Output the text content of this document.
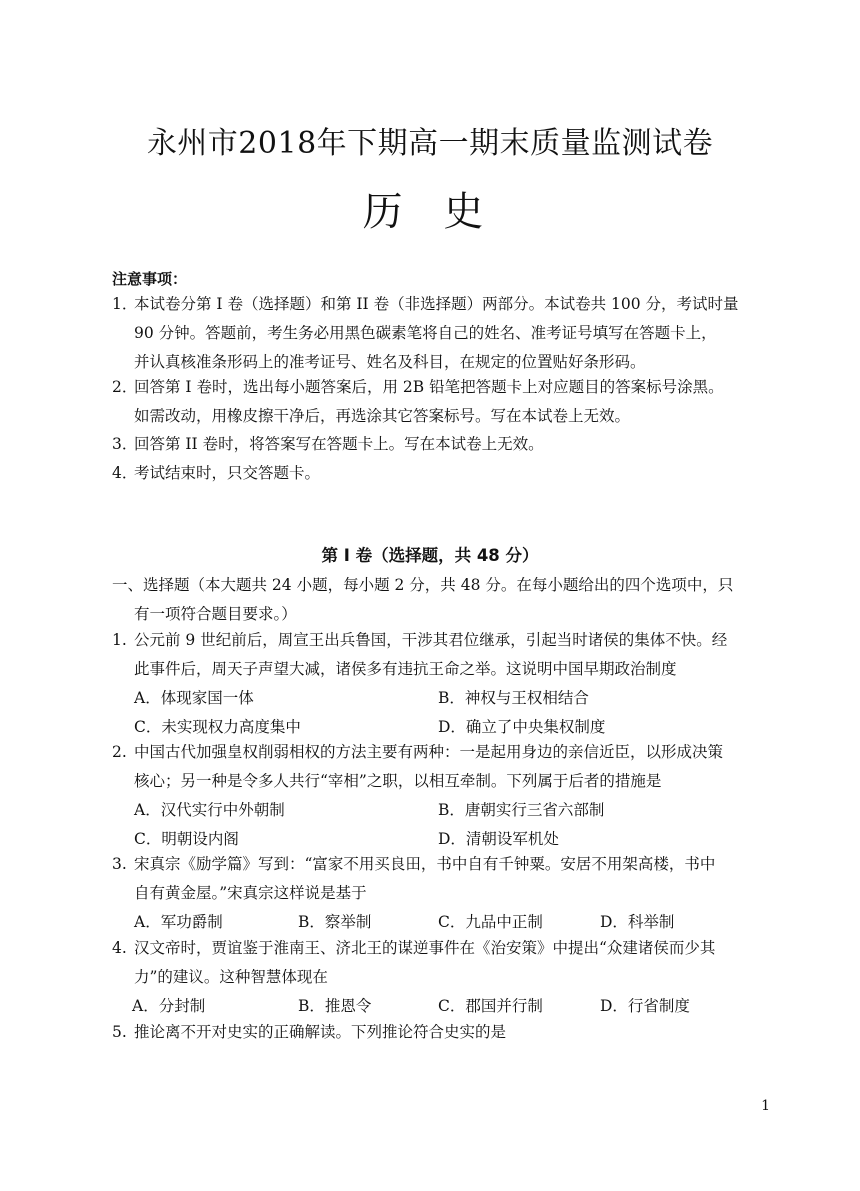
永州市2018年下期高一期末质量监测试卷
历 史
注意事项：
1．本试卷分第 I 卷（选择题）和第 II 卷（非选择题）两部分。本试卷共 100 分，考试时量
90 分钟。答题前，考生务必用黑色碳素笔将自己的姓名、准考证号填写在答题卡上，
并认真核准条形码上的准考证号、姓名及科目，在规定的位置贴好条形码。
2．回答第 I 卷时，选出每小题答案后，用 2B 铅笔把答题卡上对应题目的答案标号涂黑。
如需改动，用橡皮擦干净后，再选涂其它答案标号。写在本试卷上无效。
3．回答第 II 卷时，将答案写在答题卡上。写在本试卷上无效。
4．考试结束时，只交答题卡。
第 I 卷（选择题，共 48 分）
一、选择题（本大题共 24 小题，每小题 2 分，共 48 分。在每小题给出的四个选项中，只
有一项符合题目要求。）
1. 公元前 9 世纪前后，周宣王出兵鲁国，干涉其君位继承，引起当时诸侯的集体不快。经
此事件后，周天子声望大减，诸侯多有违抗王命之举。这说明中国早期政治制度
A．体现家国一体	B．神权与王权相结合
C．未实现权力高度集中	D．确立了中央集权制度
2. 中国古代加强皇权削弱相权的方法主要有两种：一是起用身边的亲信近臣，以形成决策
核心；另一种是令多人共行“宰相”之职，以相互牵制。下列属于后者的措施是
A．汉代实行中外朝制	B．唐朝实行三省六部制
C．明朝设内阁	D．清朝设军机处
3. 宋真宗《励学篇》写到：“富家不用买良田，书中自有千钟粟。安居不用架高楼，书中
自有黄金屋。”宋真宗这样说是基于
A．军功爵制	B．察举制	C．九品中正制	D．科举制
4. 汉文帝时，贾谊鉴于淮南王、济北王的谋逆事件在《治安策》中提出“众建诸侯而少其
力”的建议。这种智慧体现在
A．分封制	B．推恩令	C．郡国并行制	D．行省制度
5. 推论离不开对史实的正确解读。下列推论符合史实的是
1
